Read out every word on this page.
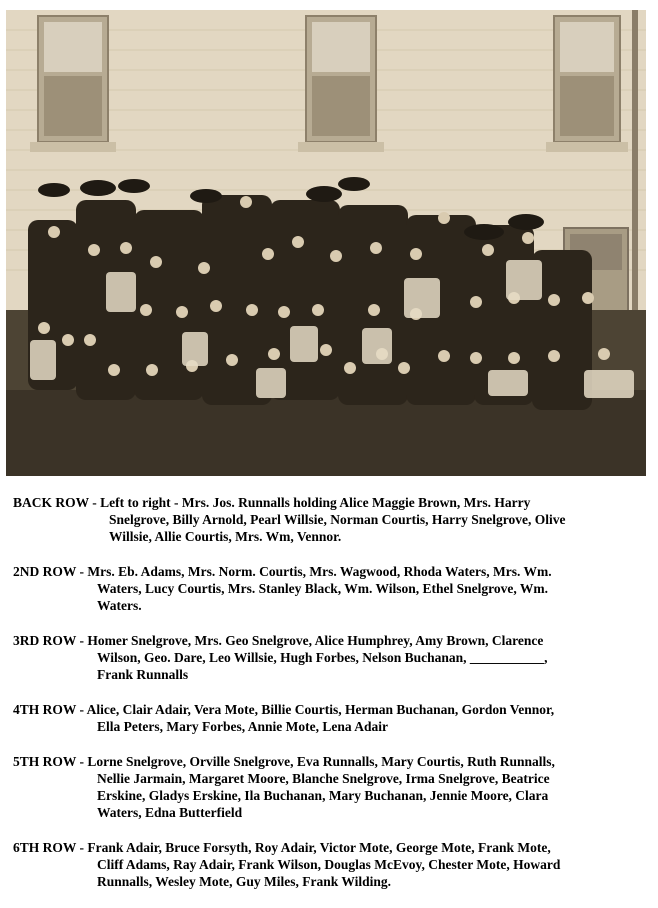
BACK ROW - Left to right - Mrs. Jos. Runnalls holding Alice Maggie Brown, Mrs. Harry
Snelgrove, Billy Arnold, Pearl Willsie, Norman Courtis, Harry Snelgrove, Olive
Willsie, Allie Courtis, Mrs. Wm, Vennor.
2ND ROW - Mrs. Eb. Adams, Mrs. Norm. Courtis, Mrs. Wagwood, Rhoda Waters, Mrs. Wm.
Waters, Lucy Courtis, Mrs. Stanley Black, Wm. Wilson, Ethel Snelgrove, Wm.
Waters.
3RD ROW - Homer Snelgrove, Mrs. Geo Snelgrove, Alice Humphrey, Amy Brown, Clarence
Wilson, Geo. Dare, Leo Willsie, Hugh Forbes, Nelson Buchanan, ___________,
Frank Runnalls
4TH ROW - Alice, Clair Adair, Vera Mote, Billie Courtis, Herman Buchanan, Gordon Vennor,
Ella Peters, Mary Forbes, Annie Mote, Lena Adair
5TH ROW - Lorne Snelgrove, Orville Snelgrove, Eva Runnalls, Mary Courtis, Ruth Runnalls,
Nellie Jarmain, Margaret Moore, Blanche Snelgrove, Irma Snelgrove, Beatrice
Erskine, Gladys Erskine, Ila Buchanan, Mary Buchanan, Jennie Moore, Clara
Waters, Edna Butterfield
6TH ROW - Frank Adair, Bruce Forsyth, Roy Adair, Victor Mote, George Mote, Frank Mote,
Cliff Adams, Ray Adair, Frank Wilson, Douglas McEvoy, Chester Mote, Howard
Runnalls, Wesley Mote, Guy Miles, Frank Wilding.
